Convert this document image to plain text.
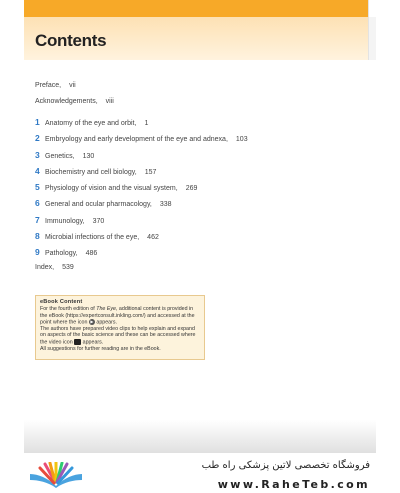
Contents
Preface, vii
Acknowledgements, viii
1 Anatomy of the eye and orbit, 1
2 Embryology and early development of the eye and adnexa, 103
3 Genetics, 130
4 Biochemistry and cell biology, 157
5 Physiology of vision and the visual system, 269
6 General and ocular pharmacology, 338
7 Immunology, 370
8 Microbial infections of the eye, 462
9 Pathology, 486
Index, 539
eBook Content
For the fourth edition of The Eye, additional content is provided in the eBook (https://expertconsult.inkling.com/) and accessed at the point where the icon ▶ appears.
The authors have prepared video clips to help explain and expand on aspects of the basic science and these can be accessed where the video icon appears.
All suggestions for further reading are in the eBook.
فروشگاه تخصصی لاتین پزشکی راه طب
www.RaheTeb.com
